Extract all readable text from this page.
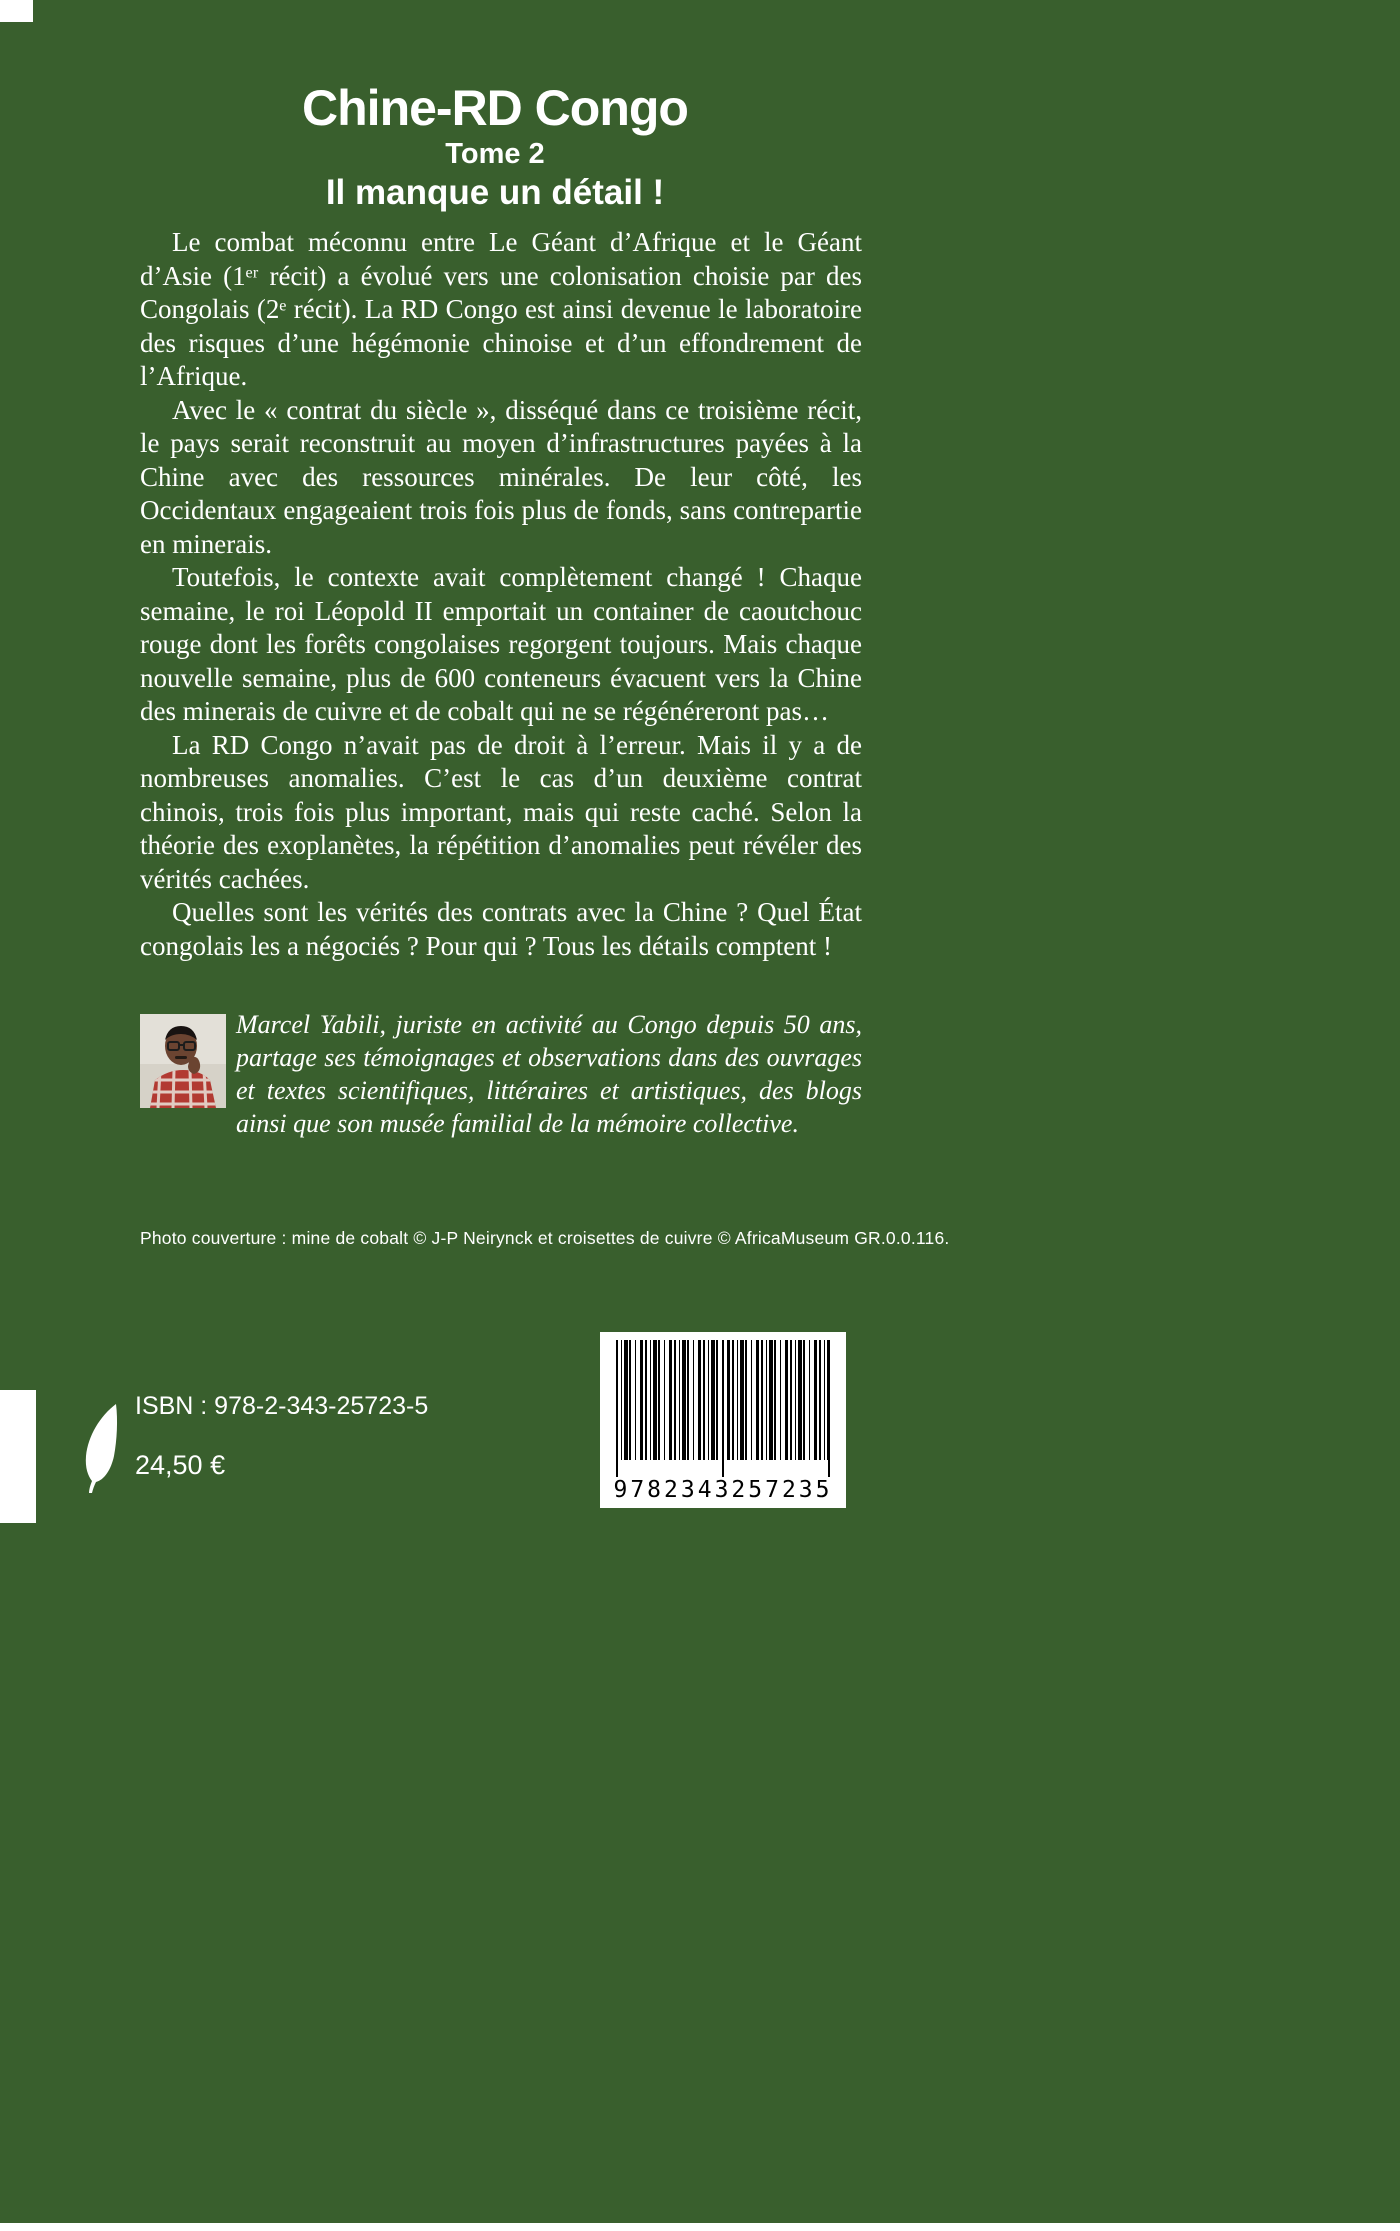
Chine-RD Congo
Tome 2
Il manque un détail !

Le combat méconnu entre Le Géant d’Afrique et le Géant d’Asie (1ᵉʳ récit) a évolué vers une colonisation choisie par des Congolais (2ᵉ récit). La RD Congo est ainsi devenue le laboratoire des risques d’une hégémonie chinoise et d’un effondrement de l’Afrique.

Avec le « contrat du siècle », disséqué dans ce troisième récit, le pays serait reconstruit au moyen d’infrastructures payées à la Chine avec des ressources minérales. De leur côté, les Occidentaux engageaient trois fois plus de fonds, sans contrepartie en minerais.

Toutefois, le contexte avait complètement changé ! Chaque semaine, le roi Léopold II emportait un container de caoutchouc rouge dont les forêts congolaises regorgent toujours. Mais chaque nouvelle semaine, plus de 600 conteneurs évacuent vers la Chine des minerais de cuivre et de cobalt qui ne se régénéreront pas…

La RD Congo n’avait pas de droit à l’erreur. Mais il y a de nombreuses anomalies. C’est le cas d’un deuxième contrat chinois, trois fois plus important, mais qui reste caché. Selon la théorie des exoplanètes, la répétition d’anomalies peut révéler des vérités cachées.

Quelles sont les vérités des contrats avec la Chine ? Quel État congolais les a négociés ? Pour qui ? Tous les détails comptent !

Marcel Yabili, juriste en activité au Congo depuis 50 ans, partage ses témoignages et observations dans des ouvrages et textes scientifiques, littéraires et artistiques, des blogs ainsi que son musée familial de la mémoire collective.

Photo couverture : mine de cobalt © J-P Neirynck et croisettes de cuivre © AfricaMuseum GR.0.0.116.
ISBN : 978-2-343-25723-5
24,50 €
9782343257235
